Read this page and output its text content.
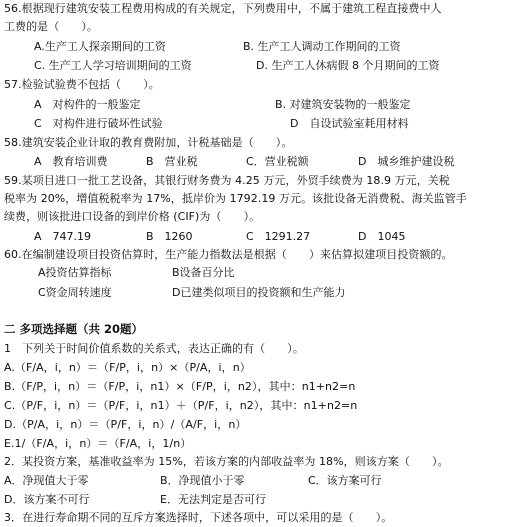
56.根据现行建筑安装工程费用构成的有关规定，下列费用中，不属于建筑工程直接费中人
工费的是（　　）。
A.生产工人探亲期间的工资	B. 生产工人调动工作期间的工资
C. 生产工人学习培训期间的工资	D. 生产工人休病假 8 个月期间的工资
57.检验试验费不包括（　　）。
A　对构件的一般鉴定	B. 对建筑安装物的一般鉴定
C　对构件进行破坏性试验	D　自设试验室耗用材料
58.建筑安装企业计取的教育费附加，计税基础是（　　）。
A　教育培训费	B　营业税	C．营业税额	D　城乡维护建设税
59.某项目进口一批工艺设备，其银行财务费为 4.25 万元，外贸手续费为 18.9 万元，关税
税率为 20%，增值税税率为 17%，抵岸价为 1792.19 万元。该批设备无消费税、海关监管手
续费，则该批进口设备的到岸价格 (CIF)为（　　）。
A　747.19	B　1260	C　1291.27	D　1045
60.在编制建设项目投资估算时，生产能力指数法是根据（　　）来估算拟建项目投资额的。
A投资估算指标	B设备百分比
C资金周转速度	D已建类似项目的投资额和生产能力
二 多项选择题（共 20题）
1　下列关于时间价值系数的关系式，表达正确的有（　　）。
A.（F/A，i，n）＝（F/P，i，n）×（P/A，i，n）
B.（F/P，i，n）＝（F/P，i，n1）×（F/P，i，n2），其中：n1+n2=n
C.（P/F，i，n）＝（P/F，i，n1）＋（P/F，i，n2），其中：n1+n2=n
D.（P/A，i，n）＝（P/F，i，n）/（A/F，i，n）
E.1/（F/A，i，n）＝（F/A，i，1/n）
2．某投资方案，基准收益率为 15%，若该方案的内部收益率为 18%，则该方案（　　）。
A．净现值大于零	B．净现值小于零	C．该方案可行
D．该方案不可行	E．无法判定是否可行
3．在进行寿命期不同的互斥方案选择时，下述各项中，可以采用的是（　　）。
